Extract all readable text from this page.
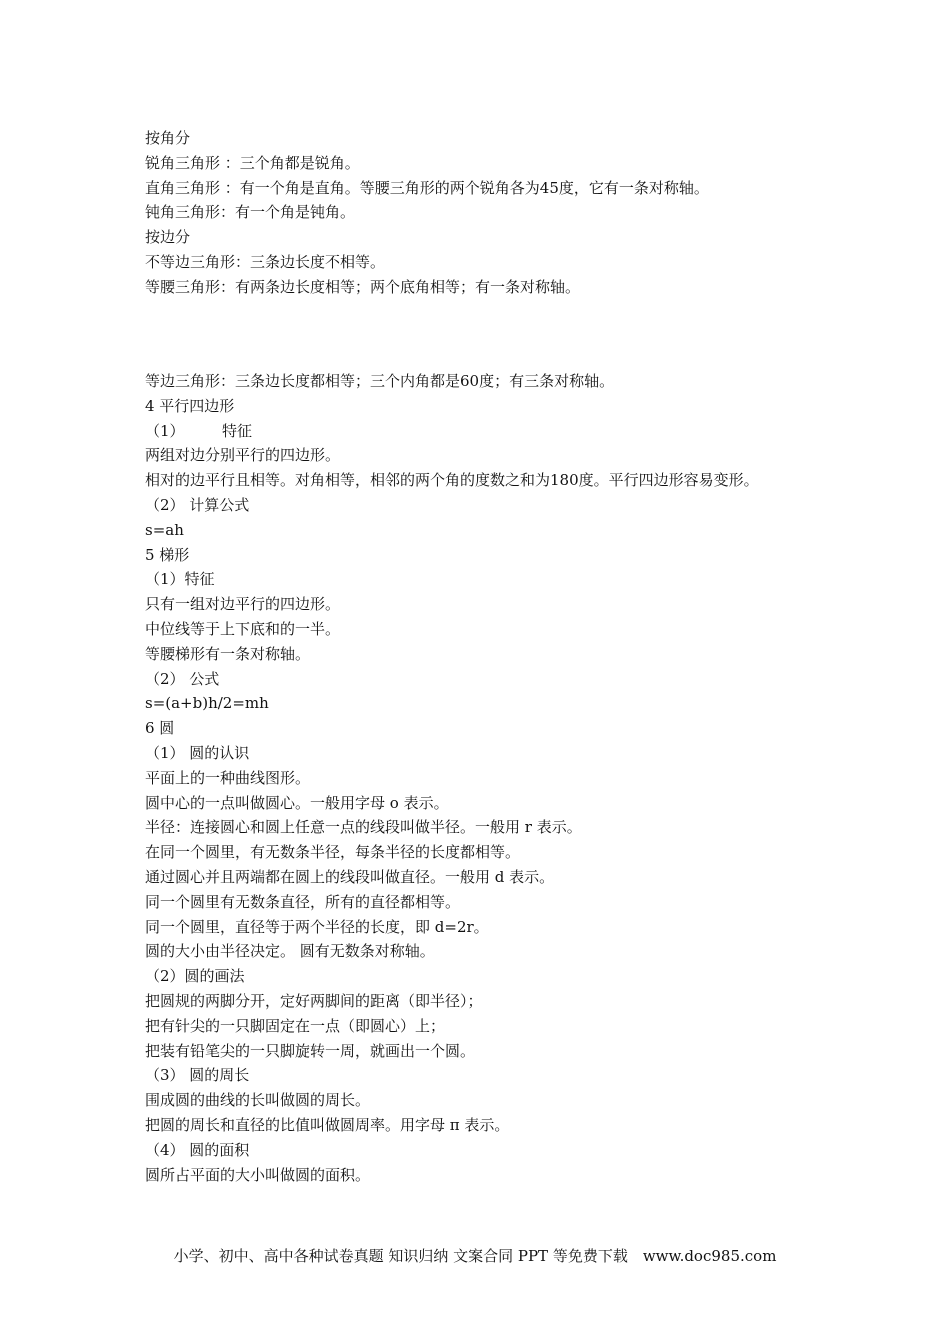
按角分
锐角三角形 ：三个角都是锐角。
直角三角形 ：有一个角是直角。等腰三角形的两个锐角各为45度，它有一条对称轴。
钝角三角形：有一个角是钝角。
按边分
不等边三角形：三条边长度不相等。
等腰三角形：有两条边长度相等；两个底角相等；有一条对称轴。
等边三角形：三条边长度都相等；三个内角都是60度；有三条对称轴。
4 平行四边形
（1）　　　特征
两组对边分别平行的四边形。
相对的边平行且相等。对角相等，相邻的两个角的度数之和为180度。平行四边形容易变形。
（2） 计算公式
s=ah
5 梯形
（1）特征
只有一组对边平行的四边形。
中位线等于上下底和的一半。
等腰梯形有一条对称轴。
（2） 公式
s=(a+b)h/2=mh
6 圆
（1） 圆的认识
平面上的一种曲线图形。
圆中心的一点叫做圆心。一般用字母 o 表示。
半径：连接圆心和圆上任意一点的线段叫做半径。一般用 r 表示。
在同一个圆里，有无数条半径，每条半径的长度都相等。
通过圆心并且两端都在圆上的线段叫做直径。一般用 d 表示。
同一个圆里有无数条直径，所有的直径都相等。
同一个圆里，直径等于两个半径的长度，即 d=2r。
圆的大小由半径决定。 圆有无数条对称轴。
（2）圆的画法
把圆规的两脚分开，定好两脚间的距离（即半径）；
把有针尖的一只脚固定在一点（即圆心）上；
把装有铅笔尖的一只脚旋转一周，就画出一个圆。
（3） 圆的周长
围成圆的曲线的长叫做圆的周长。
把圆的周长和直径的比值叫做圆周率。用字母 π 表示。
（4） 圆的面积
圆所占平面的大小叫做圆的面积。
小学、初中、高中各种试卷真题 知识归纳 文案合同 PPT 等免费下载　www.doc985.com
